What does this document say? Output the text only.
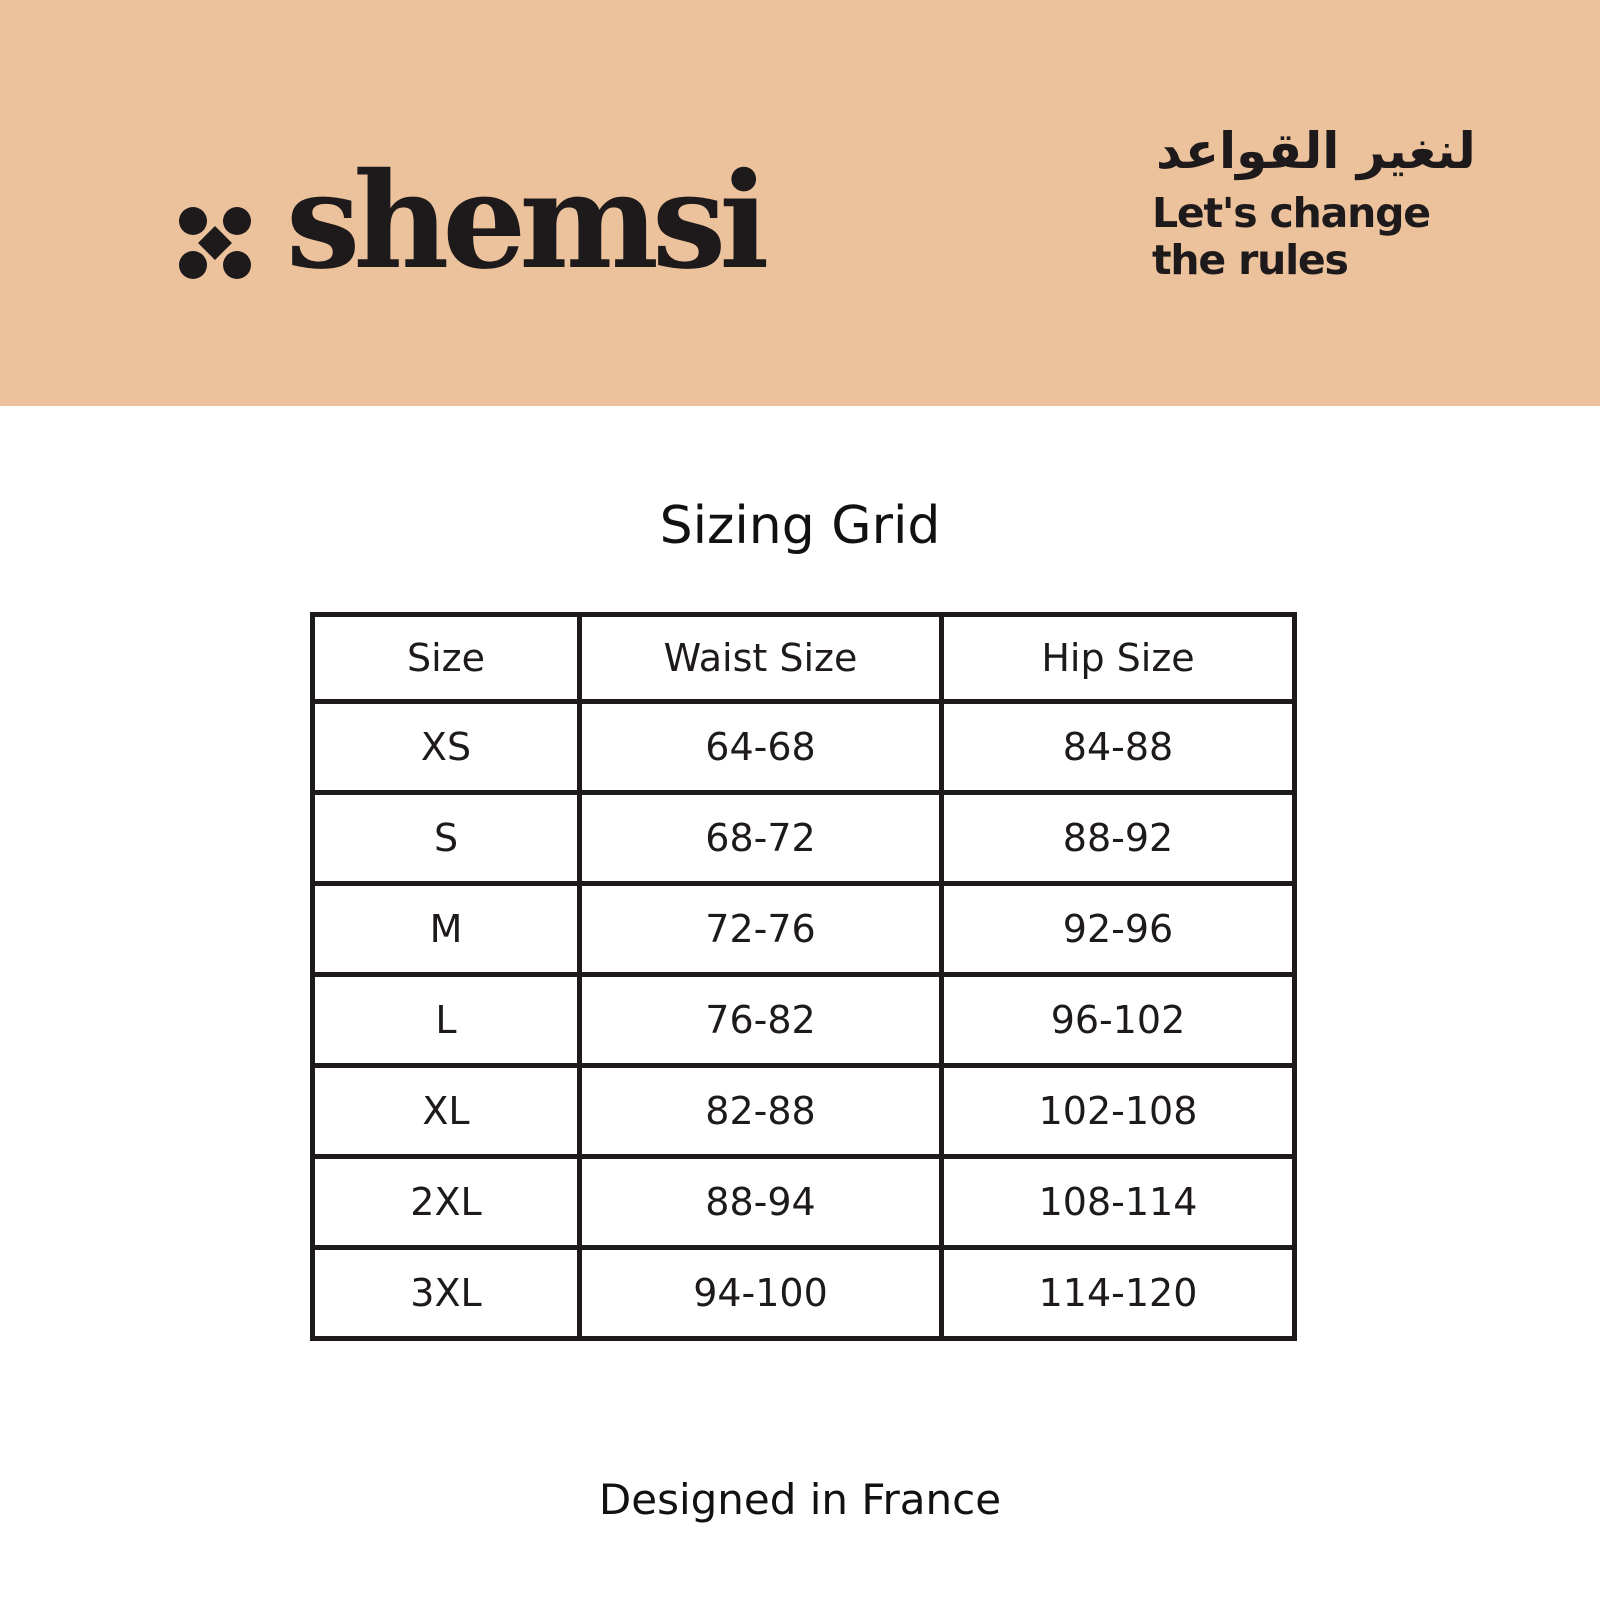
shemsi	لنغير القواعد
Let's change
the rules
Sizing Grid
Size	Waist Size	Hip Size
XS	64-68	84-88
S	68-72	88-92
M	72-76	92-96
L	76-82	96-102
XL	82-88	102-108
2XL	88-94	108-114
3XL	94-100	114-120
Designed in France
